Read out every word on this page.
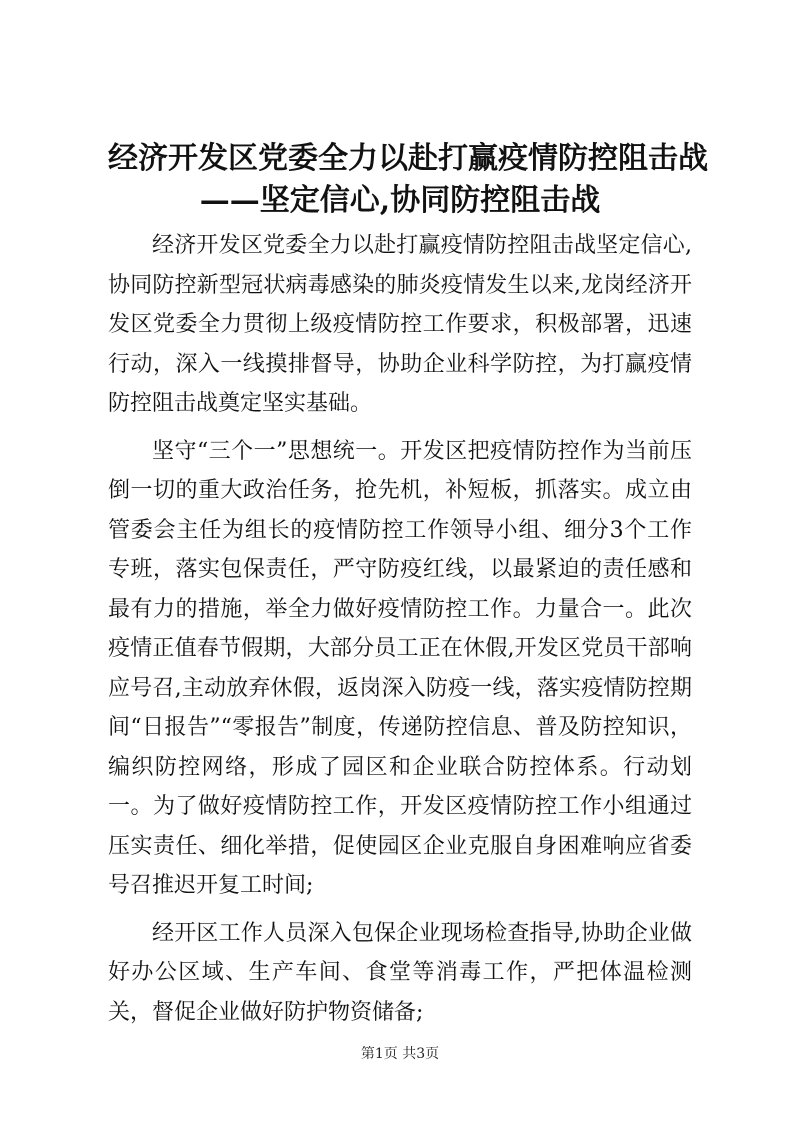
经济开发区党委全力以赴打赢疫情防控阻击战
——坚定信心,协同防控阻击战

经济开发区党委全力以赴打赢疫情防控阻击战坚定信心,协同防控新型冠状病毒感染的肺炎疫情发生以来,龙岗经济开发区党委全力贯彻上级疫情防控工作要求，积极部署，迅速行动，深入一线摸排督导，协助企业科学防控，为打赢疫情防控阻击战奠定坚实基础。

坚守“三个一”思想统一。开发区把疫情防控作为当前压倒一切的重大政治任务，抢先机，补短板，抓落实。成立由管委会主任为组长的疫情防控工作领导小组、细分3个工作专班，落实包保责任，严守防疫红线，以最紧迫的责任感和最有力的措施，举全力做好疫情防控工作。力量合一。此次疫情正值春节假期，大部分员工正在休假,开发区党员干部响应号召,主动放弃休假，返岗深入防疫一线，落实疫情防控期间“日报告”“零报告”制度，传递防控信息、普及防控知识，编织防控网络，形成了园区和企业联合防控体系。行动划一。为了做好疫情防控工作，开发区疫情防控工作小组通过压实责任、细化举措，促使园区企业克服自身困难响应省委号召推迟开复工时间;

经开区工作人员深入包保企业现场检查指导,协助企业做好办公区域、生产车间、食堂等消毒工作，严把体温检测关，督促企业做好防护物资储备;

第1页 共3页
